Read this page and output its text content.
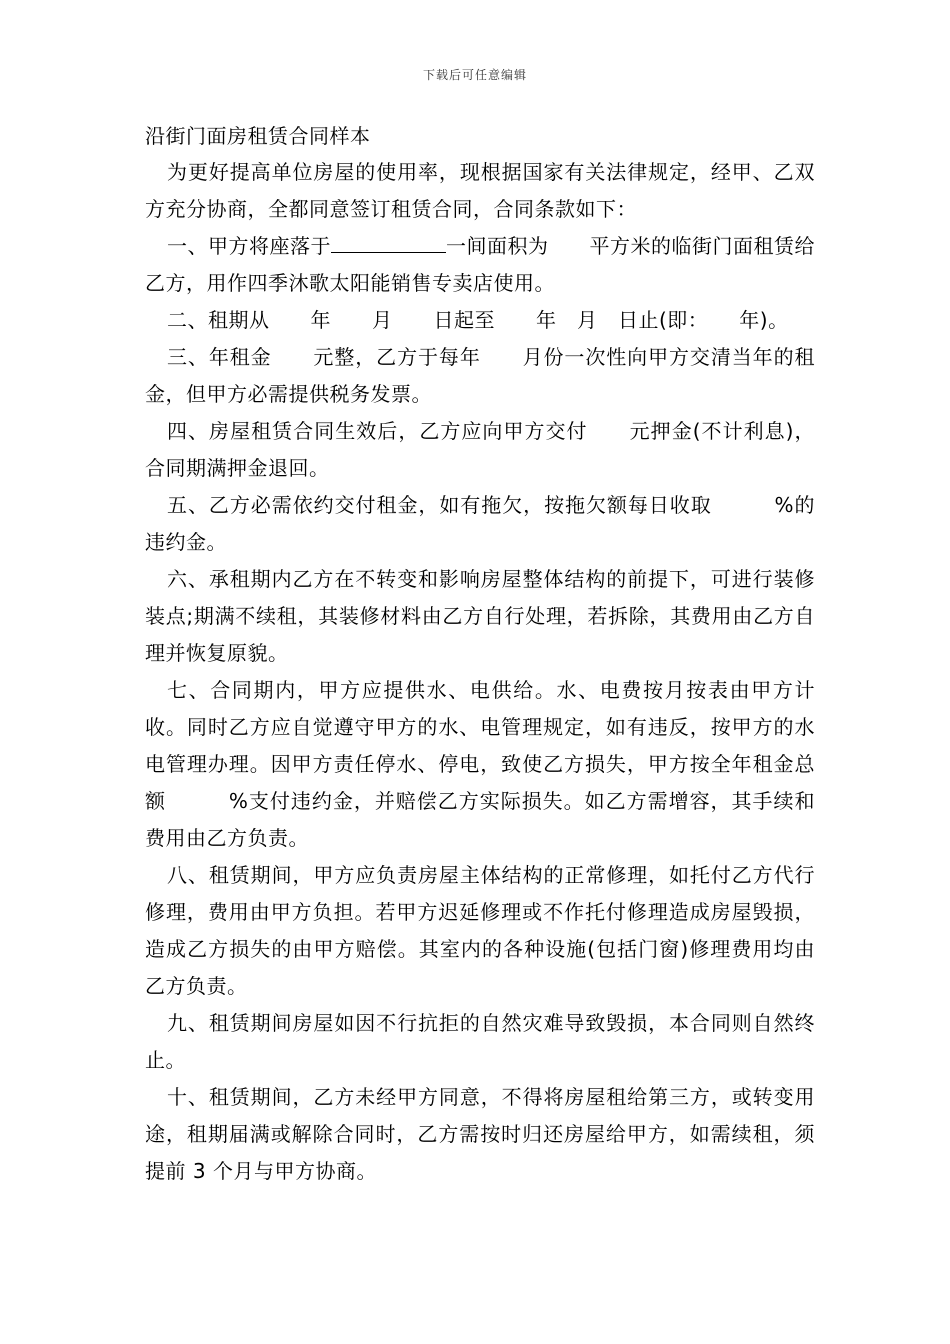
下载后可任意编辑

沿街门面房租赁合同样本

为更好提高单位房屋的使用率，现根据国家有关法律规定，经甲、乙双方充分协商，全都同意签订租赁合同，合同条款如下：

一、甲方将座落于	一间面积为　　平方米的临街门面租赁给乙方，用作四季沐歌太阳能销售专卖店使用。

二、租期从　　年　　月　　日起至　　年　月　日止(即：　　年)。

三、年租金　　元整，乙方于每年　　月份一次性向甲方交清当年的租金，但甲方必需提供税务发票。

四、房屋租赁合同生效后，乙方应向甲方交付　　元押金(不计利息)，合同期满押金退回。

五、乙方必需依约交付租金，如有拖欠，按拖欠额每日收取　　　%的违约金。

六、承租期内乙方在不转变和影响房屋整体结构的前提下，可进行装修装点;期满不续租，其装修材料由乙方自行处理，若拆除，其费用由乙方自理并恢复原貌。

七、合同期内，甲方应提供水、电供给。水、电费按月按表由甲方计收。同时乙方应自觉遵守甲方的水、电管理规定，如有违反，按甲方的水电管理办理。因甲方责任停水、停电，致使乙方损失，甲方按全年租金总额　　　%支付违约金，并赔偿乙方实际损失。如乙方需增容，其手续和费用由乙方负责。

八、租赁期间，甲方应负责房屋主体结构的正常修理，如托付乙方代行修理，费用由甲方负担。若甲方迟延修理或不作托付修理造成房屋毁损，造成乙方损失的由甲方赔偿。其室内的各种设施(包括门窗)修理费用均由乙方负责。

九、租赁期间房屋如因不行抗拒的自然灾难导致毁损，本合同则自然终止。

十、租赁期间，乙方未经甲方同意，不得将房屋租给第三方，或转变用途，租期届满或解除合同时，乙方需按时归还房屋给甲方，如需续租，须提前 3 个月与甲方协商。
